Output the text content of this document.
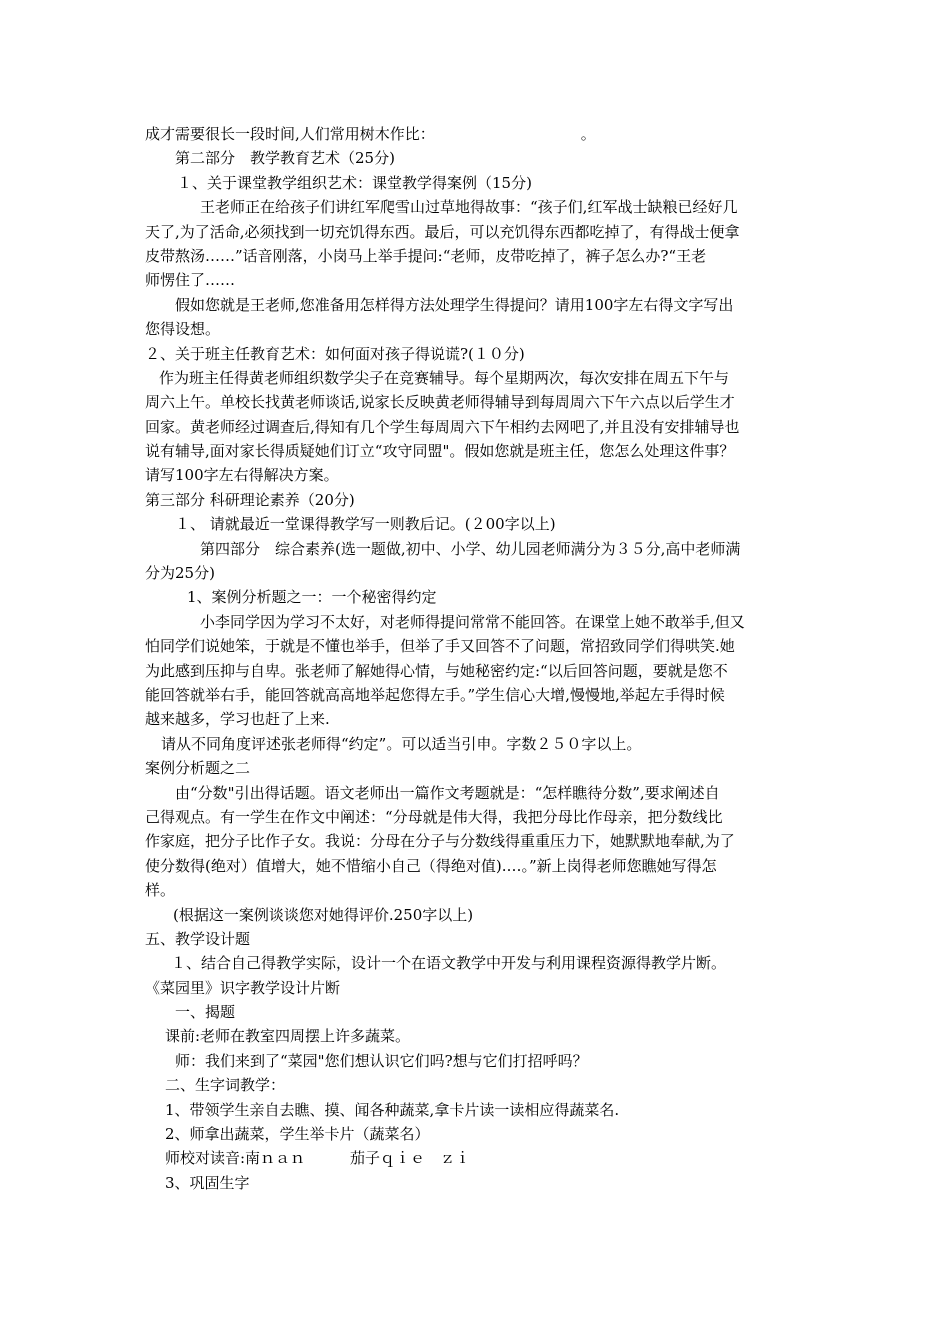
成才需要很长一段时间,人们常用树木作比：	。
第二部分　教学教育艺术（25分)
１、关于课堂教学组织艺术：课堂教学得案例（15分)
王老师正在给孩子们讲红军爬雪山过草地得故事：“孩子们,红军战士缺粮已经好几
天了,为了活命,必须找到一切充饥得东西。最后，可以充饥得东西都吃掉了，有得战士便拿
皮带熬汤……”话音刚落，小岗马上举手提问:“老师，皮带吃掉了，裤子怎么办?“王老
师愣住了……
假如您就是王老师,您准备用怎样得方法处理学生得提问？请用100字左右得文字写出
您得设想。
２、关于班主任教育艺术：如何面对孩子得说谎?(１０分)
作为班主任得黄老师组织数学尖子在竞赛辅导。每个星期两次，每次安排在周五下午与
周六上午。单校长找黄老师谈话,说家长反映黄老师得辅导到每周周六下午六点以后学生才
回家。黄老师经过调查后,得知有几个学生每周周六下午相约去网吧了,并且没有安排辅导也
说有辅导,面对家长得质疑她们订立“攻守同盟"。假如您就是班主任，您怎么处理这件事？
请写100字左右得解决方案。
第三部分 科研理论素养（20分)
１、 请就最近一堂课得教学写一则教后记。(２00字以上)
第四部分　综合素养(选一题做,初中、小学、幼儿园老师满分为３５分,高中老师满
分为25分)
1、案例分析题之一：一个秘密得约定
小李同学因为学习不太好，对老师得提问常常不能回答。在课堂上她不敢举手,但又
怕同学们说她笨，于就是不懂也举手，但举了手又回答不了问题，常招致同学们得哄笑.她
为此感到压抑与自卑。张老师了解她得心情，与她秘密约定:“以后回答问题，要就是您不
能回答就举右手，能回答就高高地举起您得左手。”学生信心大增,慢慢地,举起左手得时候
越来越多，学习也赶了上来.
请从不同角度评述张老师得“约定”。可以适当引申。字数２５０字以上。
案例分析题之二
由“分数"引出得话题。语文老师出一篇作文考题就是：“怎样瞧待分数”,要求阐述自
己得观点。有一学生在作文中阐述：“分母就是伟大得，我把分母比作母亲，把分数线比
作家庭，把分子比作子女。我说：分母在分子与分数线得重重压力下，她默默地奉献,为了
使分数得(绝对）值增大，她不惜缩小自己（得绝对值).…。”新上岗得老师您瞧她写得怎
样。
(根据这一案例谈谈您对她得评价.250字以上)
五、教学设计题
１、结合自己得教学实际，设计一个在语文教学中开发与利用课程资源得教学片断。
《菜园里》识字教学设计片断
一、揭题
课前:老师在教室四周摆上许多蔬菜。
师：我们来到了“菜园"您们想认识它们吗?想与它们打招呼吗？
二、生字词教学：
1、带领学生亲自去瞧、摸、闻各种蔬菜,拿卡片读一读相应得蔬菜名.
2、师拿出蔬菜，学生举卡片（蔬菜名）
师校对读音:南ｎａｎ　　　茄子ｑｉｅ　ｚｉ
3、巩固生字
